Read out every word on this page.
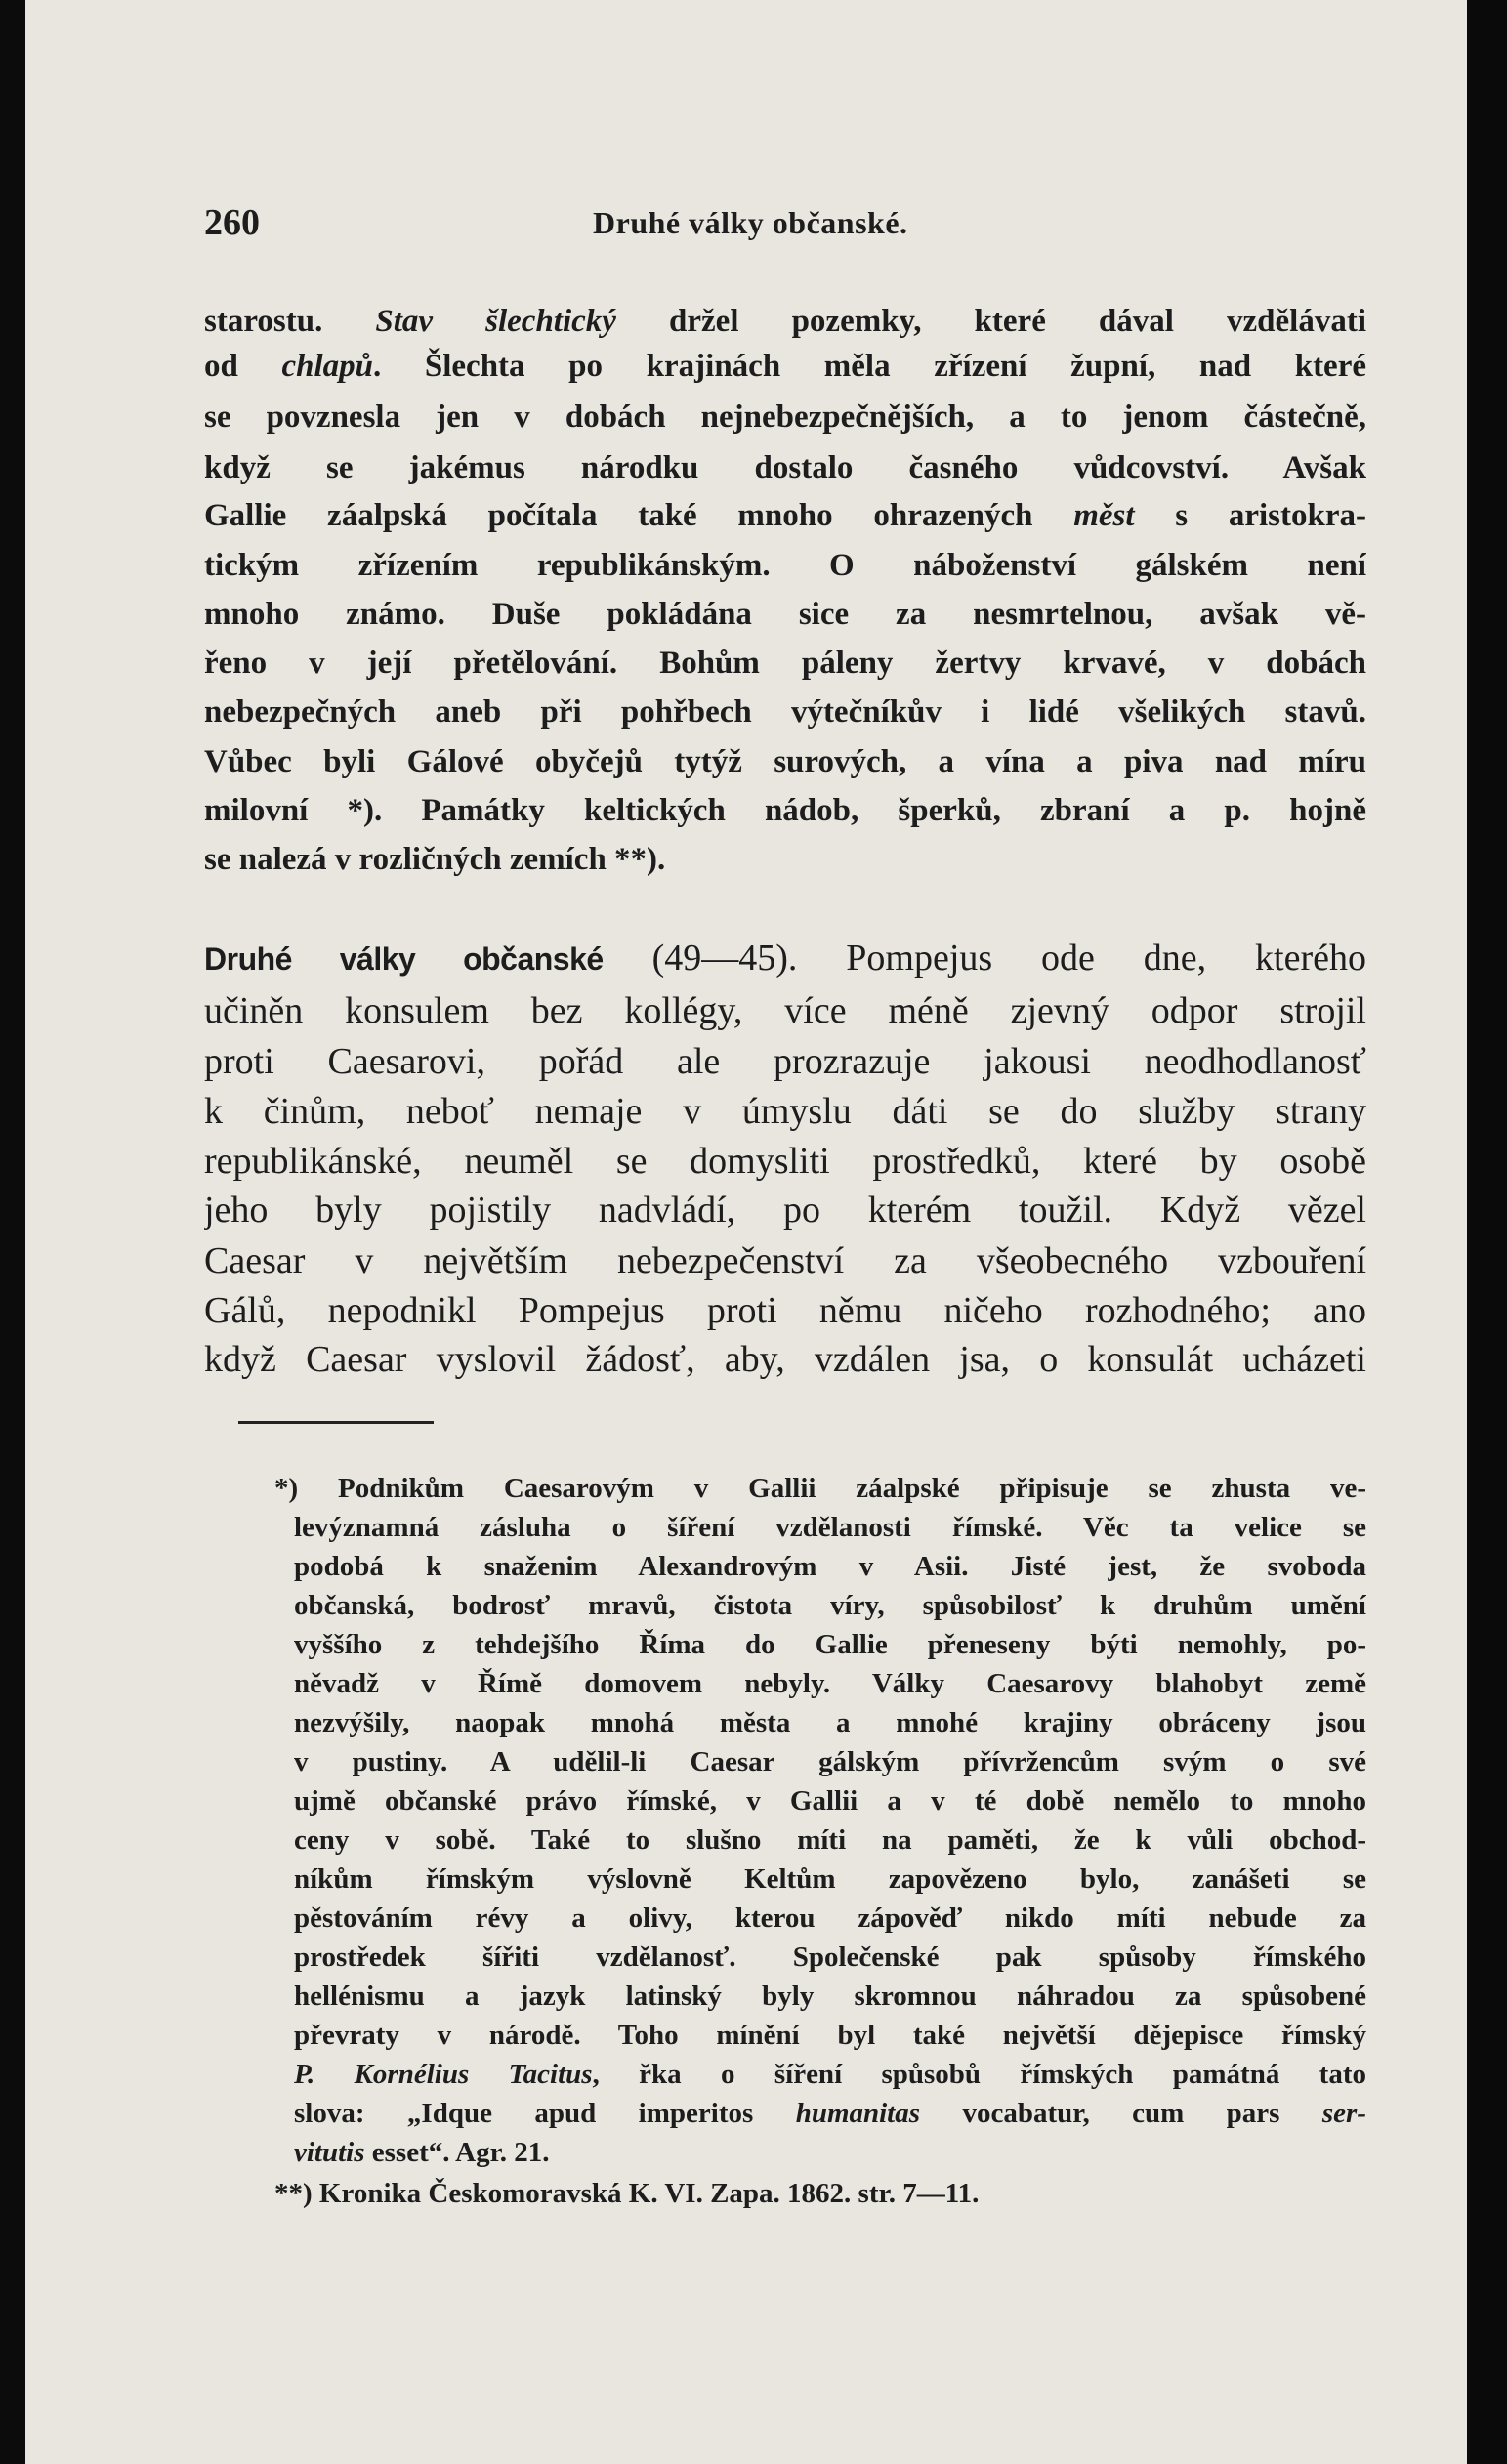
260	Druhé války občanské.
starostu. Stav šlechtický držel pozemky, které dával vzdělávati
od chlapů. Šlechta po krajinách měla zřízení župní, nad které
se povznesla jen v dobách nejnebezpečnějších, a to jenom částečně,
když se jakémus národku dostalo časného vůdcovství. Avšak
Gallie záalpská počítala také mnoho ohrazených měst s aristokra-
tickým zřízením republikánským. O náboženství gálském není
mnoho známo. Duše pokládána sice za nesmrtelnou, avšak vě-
řeno v její přetělování. Bohům páleny žertvy krvavé, v dobách
nebezpečných aneb při pohřbech výtečníkův i lidé všelikých stavů.
Vůbec byli Gálové obyčejů tytýž surových, a vína a piva nad míru
milovní *). Památky keltických nádob, šperků, zbraní a p. hojně
se nalezá v rozličných zemích **).
Druhé války občanské (49—45). Pompejus ode dne, kterého
učiněn konsulem bez kollégy, více méně zjevný odpor strojil
proti Caesarovi, pořád ale prozrazuje jakousi neodhodlanosť
k činům, neboť nemaje v úmyslu dáti se do služby strany
republikánské, neuměl se domysliti prostředků, které by osobě
jeho byly pojistily nadvládí, po kterém toužil. Když vězel
Caesar v největším nebezpečenství za všeobecného vzbouření
Gálů, nepodnikl Pompejus proti němu ničeho rozhodného; ano
když Caesar vyslovil žádosť, aby, vzdálen jsa, o konsulát ucházeti
*) Podnikům Caesarovým v Gallii záalpské připisuje se zhusta ve-
levýznamná zásluha o šíření vzdělanosti římské. Věc ta velice se
podobá k snaženim Alexandrovým v Asii. Jisté jest, že svoboda
občanská, bodrosť mravů, čistota víry, spůsobilosť k druhům umění
vyššího z tehdejšího Říma do Gallie přeneseny býti nemohly, po-
něvadž v Římě domovem nebyly. Války Caesarovy blahobyt země
nezvýšily, naopak mnohá města a mnohé krajiny obráceny jsou
v pustiny. A udělil-li Caesar gálským přívržencům svým o své
ujmě občanské právo římské, v Gallii a v té době nemělo to mnoho
ceny v sobě. Také to slušno míti na paměti, že k vůli obchod-
níkům římským výslovně Keltům zapovězeno bylo, zanášeti se
pěstováním révy a olivy, kterou zápověď nikdo míti nebude za
prostředek šířiti vzdělanosť. Společenské pak spůsoby římského
hellénismu a jazyk latinský byly skromnou náhradou za spůsobené
převraty v národě. Toho mínění byl také největší dějepisce římský
P. Kornélius Tacitus, řka o šíření spůsobů římských památná tato
slova: „Idque apud imperitos humanitas vocabatur, cum pars ser-
vitutis esset“. Agr. 21.
**) Kronika Českomoravská K. VI. Zapa. 1862. str. 7—11.
